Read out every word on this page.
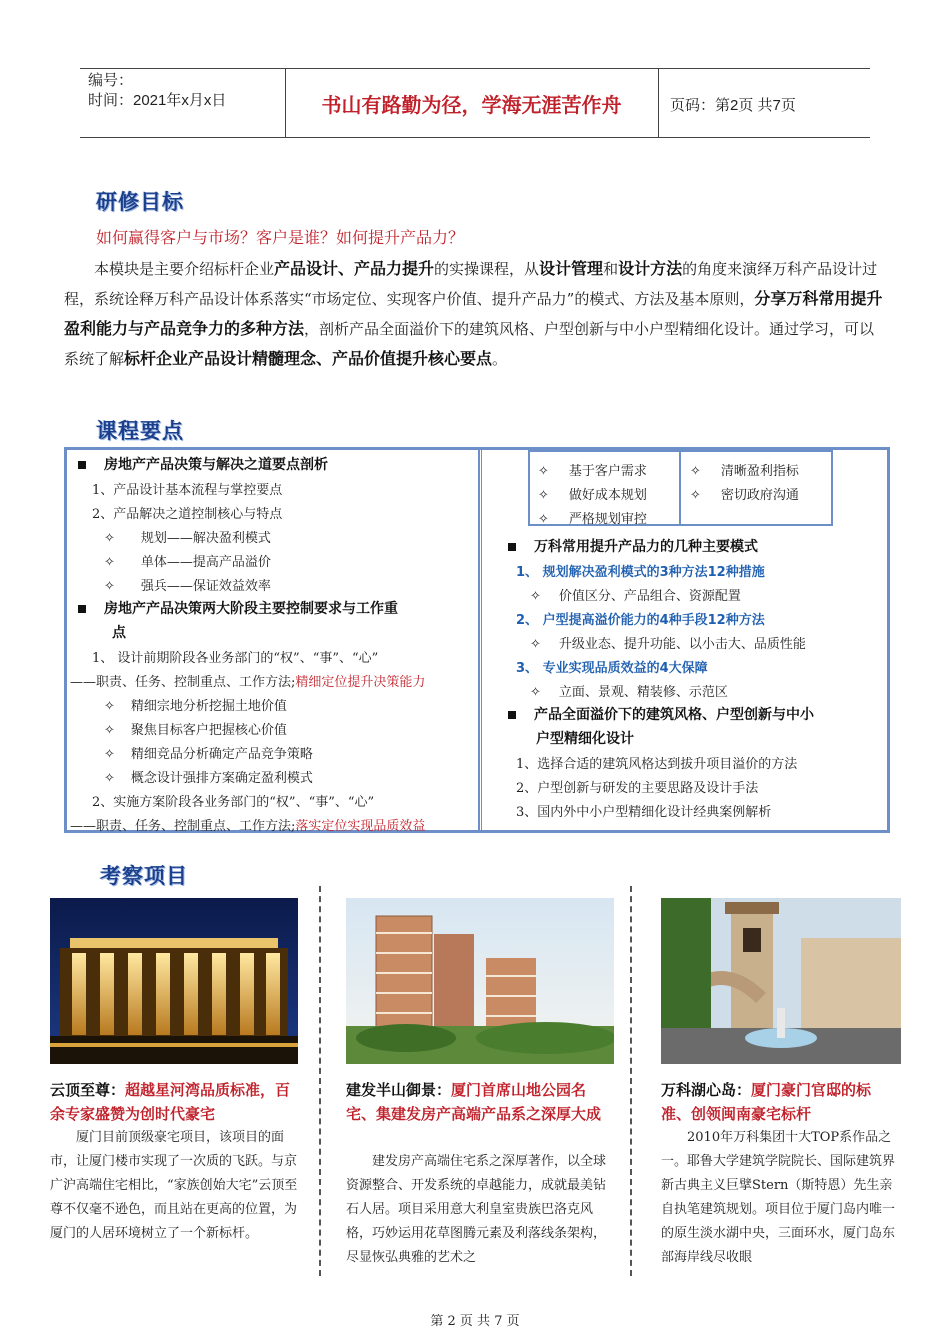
编号：
时间：2021年x月x日	书山有路勤为径，学海无涯苦作舟	页码：第2页 共7页
研修目标
如何赢得客户与市场？客户是谁？如何提升产品力？
本模块是主要介绍标杆企业产品设计、产品力提升的实操课程，从设计管理和设计方法的角度来演绎万科产品设计过程，系统诠释万科产品设计体系落实“市场定位、实现客户价值、提升产品力”的模式、方法及基本原则，分享万科常用提升盈利能力与产品竞争力的多种方法，剖析产品全面溢价下的建筑风格、户型创新与中小户型精细化设计。通过学习，可以系统了解标杆企业产品设计精髓理念、产品价值提升核心要点。
课程要点
房地产产品决策与解决之道要点剖析
1、产品设计基本流程与掌控要点
2、产品解决之道控制核心与特点
✧ 规划——解决盈利模式
✧ 单体——提高产品溢价
✧ 强兵——保证效益效率
房地产产品决策两大阶段主要控制要求与工作重
点
1、 设计前期阶段各业务部门的“权”、“事”、“心”
——职责、任务、控制重点、工作方法;精细定位提升决策能力
✧ 精细宗地分析挖掘土地价值
✧ 聚焦目标客户把握核心价值
✧ 精细竞品分析确定产品竞争策略
✧ 概念设计强排方案确定盈利模式
2、实施方案阶段各业务部门的“权”、“事”、“心”
——职责、任务、控制重点、工作方法;落实定位实现品质效益
✧ 基于客户需求
✧ 做好成本规划
✧ 严格规划审控
✧ 清晰盈利指标
✧ 密切政府沟通
万科常用提升产品力的几种主要模式
1、 规划解决盈利模式的3种方法12种措施
✧ 价值区分、产品组合、资源配置
2、 户型提高溢价能力的4种手段12种方法
✧ 升级业态、提升功能、以小击大、品质性能
3、 专业实现品质效益的4大保障
✧ 立面、景观、精装修、示范区
产品全面溢价下的建筑风格、户型创新与中小
户型精细化设计
1、选择合适的建筑风格达到拔升项目溢价的方法
2、户型创新与研发的主要思路及设计手法
3、国内外中小户型精细化设计经典案例解析
考察项目
云顶至尊：超越星河湾品质标准，百余专家盛赞为创时代豪宅
厦门目前顶级豪宅项目，该项目的面市，让厦门楼市实现了一次质的飞跃。与京广沪高端住宅相比，“家族创始大宅”云顶至尊不仅毫不逊色，而且站在更高的位置，为厦门的人居环境树立了一个新标杆。
建发半山御景：厦门首席山地公园名宅、集建发房产高端产品系之深厚大成
建发房产高端住宅系之深厚著作，以全球资源整合、开发系统的卓越能力，成就最美钻石人居。项目采用意大利皇室贵族巴洛克风格，巧妙运用花草图腾元素及利落线条架构，尽显恢弘典雅的艺术之
万科湖心岛：厦门豪门官邸的标准、创领闽南豪宅标杆
2010年万科集团十大TOP系作品之一。耶鲁大学建筑学院院长、国际建筑界新古典主义巨擘Stern（斯特恩）先生亲自执笔建筑规划。项目位于厦门岛内唯一的原生淡水湖中央，三面环水，厦门岛东部海岸线尽收眼
第 2 页 共 7 页
